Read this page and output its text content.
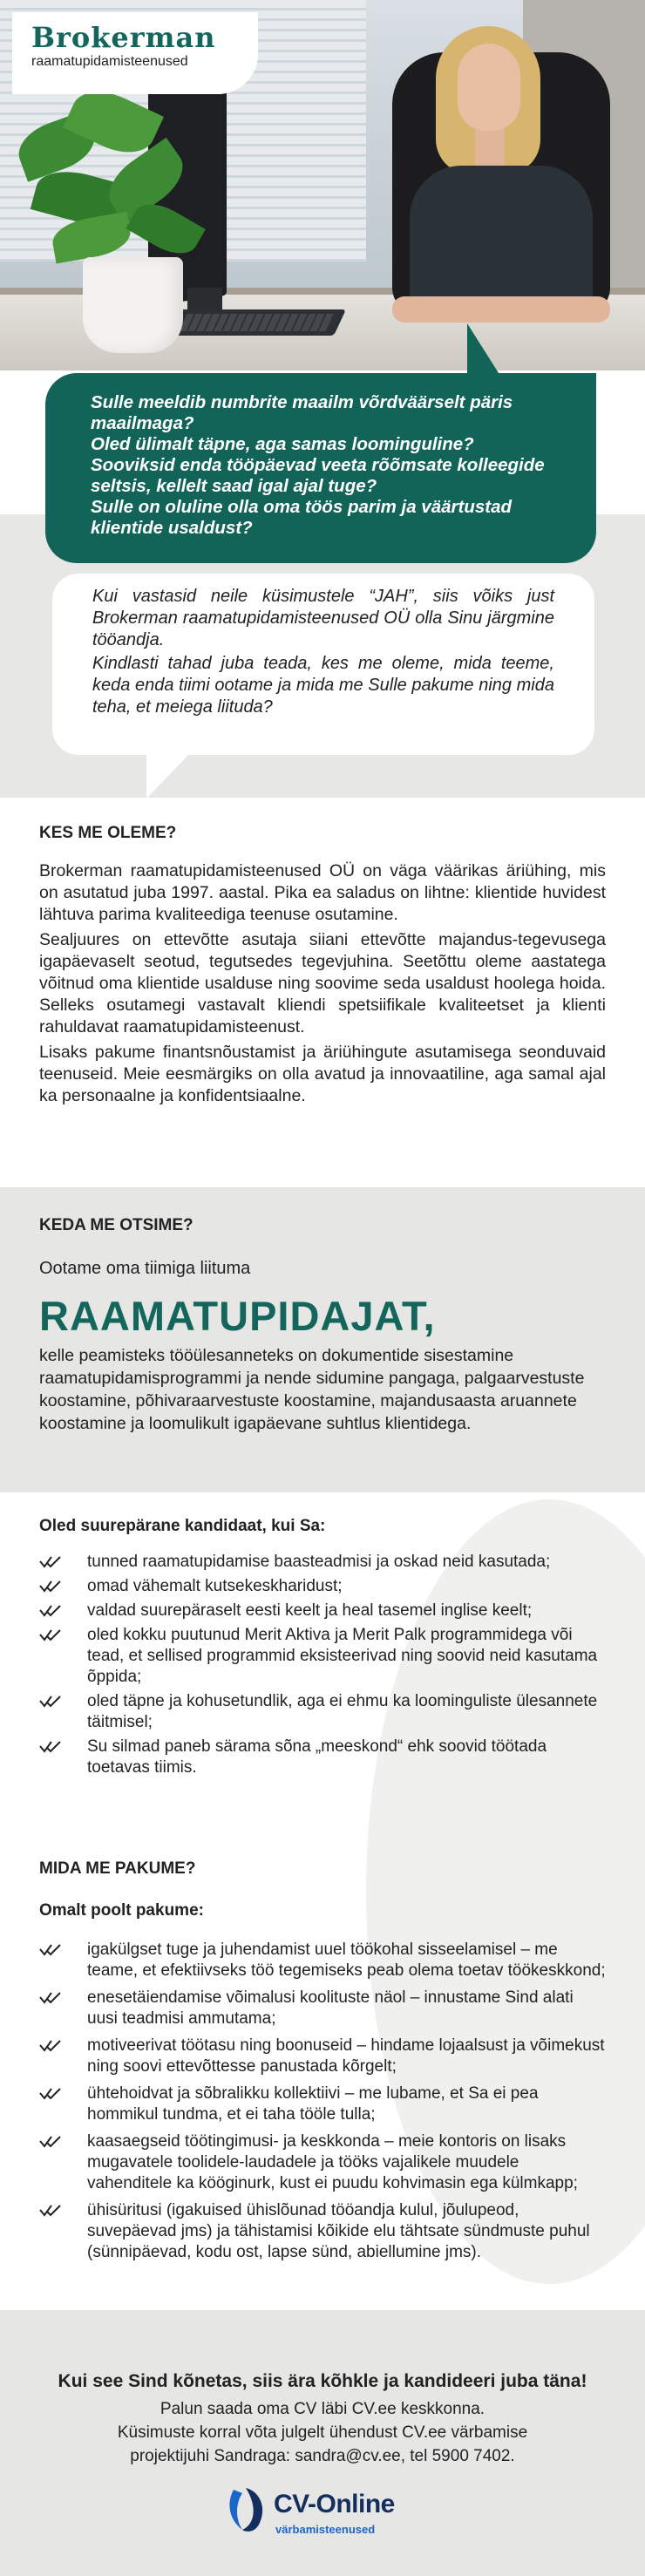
Brokerman
raamatupidamisteenused

Sulle meeldib numbrite maailm võrdväärselt päris maailmaga?

Oled ülimalt täpne, aga samas loominguline?

Sooviksid enda tööpäevad veeta rõõmsate kolleegide seltsis, kellelt saad igal ajal tuge?

Sulle on oluline olla oma töös parim ja väärtustad klientide usaldust?

Kui vastasid neile küsimustele “JAH”, siis võiks just Brokerman raamatupidamisteenused OÜ olla Sinu järgmine tööandja.

Kindlasti tahad juba teada, kes me oleme, mida teeme, keda enda tiimi ootame ja mida me Sulle pakume ning mida teha, et meiega liituda?

KES ME OLEME?

Brokerman raamatupidamisteenused OÜ on väga väärikas äriühing, mis on asutatud juba 1997. aastal. Pika ea saladus on lihtne: klientide huvidest lähtuva parima kvaliteediga teenuse osutamine.

Sealjuures on ettevõtte asutaja siiani ettevõtte majandus-tegevusega igapäevaselt seotud, tegutsedes tegevjuhina. Seetõttu oleme aastatega võitnud oma klientide usalduse ning soovime seda usaldust hoolega hoida. Selleks osutamegi vastavalt kliendi spetsiifikale kvaliteetset ja klienti rahuldavat raamatupidamisteenust.

Lisaks pakume finantsnõustamist ja äriühingute asutamisega seonduvaid teenuseid. Meie eesmärgiks on olla avatud ja innovaatiline, aga samal ajal ka personaalne ja konfidentsiaalne.

KEDA ME OTSIME?

Ootame oma tiimiga liituma

RAAMATUPIDAJAT,

kelle peamisteks tööülesanneteks on dokumentide sisestamine raamatupidamisprogrammi ja nende sidumine pangaga, palgaarvestuste koostamine, põhivaraarvestuste koostamine, majandusaasta aruannete koostamine ja loomulikult igapäevane suhtlus klientidega.

Oled suurepärane kandidaat, kui Sa:
tunned raamatupidamise baasteadmisi ja oskad neid kasutada;
omad vähemalt kutsekeskharidust;
valdad suurepäraselt eesti keelt ja heal tasemel inglise keelt;
oled kokku puutunud Merit Aktiva ja Merit Palk programmidega või tead, et sellised programmid eksisteerivad ning soovid neid kasutama õppida;
oled täpne ja kohusetundlik, aga ei ehmu ka loominguliste ülesannete täitmisel;
Su silmad paneb särama sõna „meeskond“ ehk soovid töötada toetavas tiimis.
MIDA ME PAKUME?
Omalt poolt pakume:
igakülgset tuge ja juhendamist uuel töökohal sisseelamisel – me teame, et efektiivseks töö tegemiseks peab olema toetav töökeskkond;
enesetäiendamise võimalusi koolituste näol – innustame Sind alati uusi teadmisi ammutama;
motiveerivat töötasu ning boonuseid – hindame lojaalsust ja võimekust ning soovi ettevõttesse panustada kõrgelt;
ühtehoidvat ja sõbralikku kollektiivi – me lubame, et Sa ei pea hommikul tundma, et ei taha tööle tulla;
kaasaegseid töötingimusi- ja keskkonda – meie kontoris on lisaks mugavatele toolidele-laudadele ja tööks vajalikele muudele vahenditele ka kööginurk, kust ei puudu kohvimasin ega külmkapp;
ühisüritusi (igakuised ühislõunad tööandja kulul, jõulupeod, suvepäevad jms) ja tähistamisi kõikide elu tähtsate sündmuste puhul (sünnipäevad, kodu ost, lapse sünd, abiellumine jms).
Kui see Sind kõnetas, siis ära kõhkle ja kandideeri juba täna!
Palun saada oma CV läbi CV.ee keskkonna.
Küsimuste korral võta julgelt ühendust CV.ee värbamise
projektijuhi Sandraga: sandra@cv.ee, tel 5900 7402.
CV-Online
värbamisteenused
